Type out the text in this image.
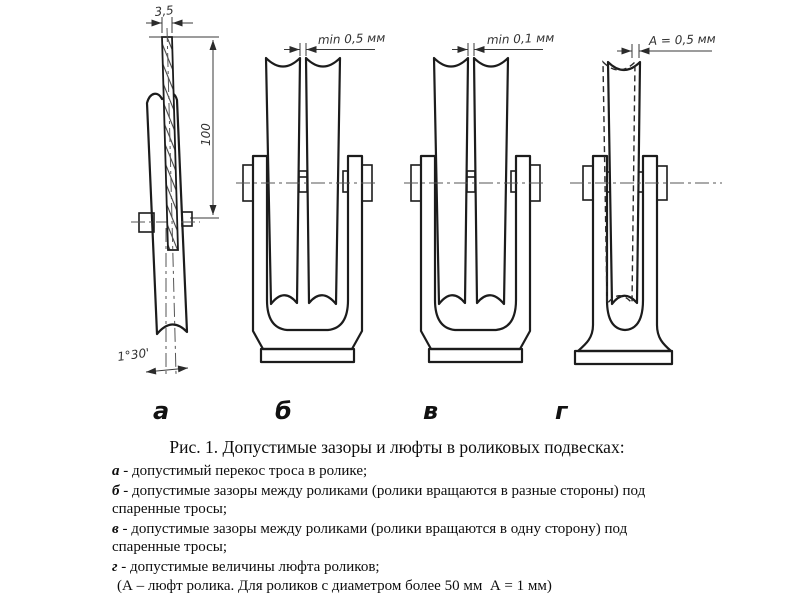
3,5
100
1°30'
min 0,5 мм	min 0,1 мм	А = 0,5 мм
а	б	в	г
Рис. 1. Допустимые зазоры и люфты в роликовых подвесках:

а - допустимый перекос троса в ролике;

б - допустимые зазоры между роликами (ролики вращаются в разные стороны) под спаренные тросы;

в - допустимые зазоры между роликами (ролики вращаются в одну сторону) под спаренные тросы;

г - допустимые величины люфта роликов;

(А – люфт ролика. Для роликов с диаметром более 50 мм  А = 1 мм)
